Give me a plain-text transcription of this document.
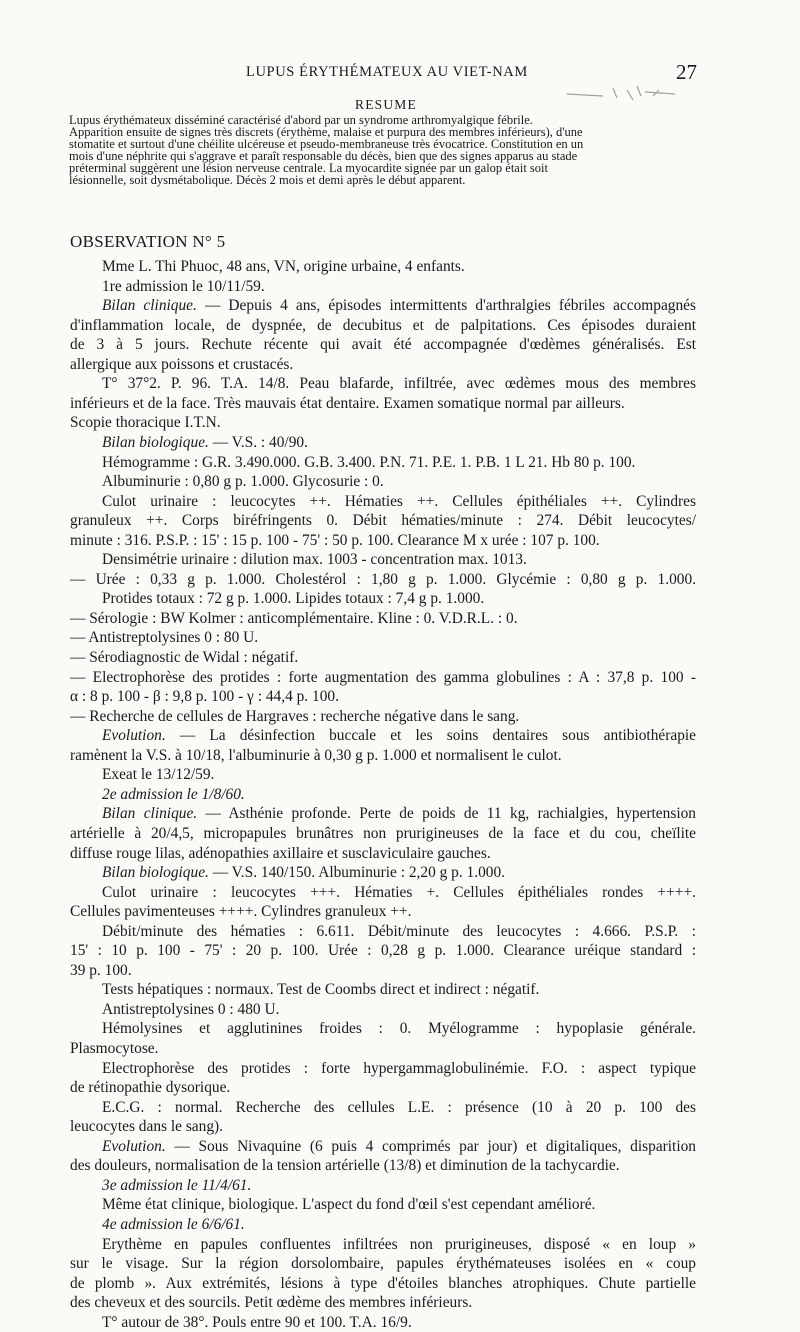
LUPUS ÉRYTHÉMATEUX AU VIET-NAM	27
RESUME
Lupus érythémateux disséminé caractérisé d'abord par un syndrome arthromyalgique fébrile.
Apparition ensuite de signes très discrets (érythème, malaise et purpura des membres inférieurs), d'une
stomatite et surtout d'une chéilite ulcéreuse et pseudo-membraneuse très évocatrice. Constitution en un
mois d'une néphrite qui s'aggrave et paraît responsable du décès, bien que des signes apparus au stade
préterminal suggèrent une lésion nerveuse centrale. La myocardite signée par un galop était soit
lésionnelle, soit dysmétabolique. Décès 2 mois et demi après le début apparent.
OBSERVATION N° 5
Mme L. Thi Phuoc, 48 ans, VN, origine urbaine, 4 enfants.
1re admission le 10/11/59.
Bilan clinique. — Depuis 4 ans, épisodes intermittents d'arthralgies fébriles accompagnés
d'inflammation locale, de dyspnée, de decubitus et de palpitations. Ces épisodes duraient
de 3 à 5 jours. Rechute récente qui avait été accompagnée d'œdèmes généralisés. Est
allergique aux poissons et crustacés.
T° 37°2. P. 96. T.A. 14/8. Peau blafarde, infiltrée, avec œdèmes mous des membres
inférieurs et de la face. Très mauvais état dentaire. Examen somatique normal par ailleurs.
Scopie thoracique I.T.N.
Bilan biologique. — V.S. : 40/90.
Hémogramme : G.R. 3.490.000. G.B. 3.400. P.N. 71. P.E. 1. P.B. 1 L 21. Hb 80 p. 100.
Albuminurie : 0,80 g p. 1.000. Glycosurie : 0.
Culot urinaire : leucocytes ++. Hématies ++. Cellules épithéliales ++. Cylindres
granuleux ++. Corps biréfringents 0. Débit hématies/minute : 274. Débit leucocytes/
minute : 316. P.S.P. : 15' : 15 p. 100 - 75' : 50 p. 100. Clearance M x urée : 107 p. 100.
Densimétrie urinaire : dilution max. 1003 - concentration max. 1013.
— Urée : 0,33 g p. 1.000. Cholestérol : 1,80 g p. 1.000. Glycémie : 0,80 g p. 1.000.
Protides totaux : 72 g p. 1.000. Lipides totaux : 7,4 g p. 1.000.
— Sérologie : BW Kolmer : anticomplémentaire. Kline : 0. V.D.R.L. : 0.
— Antistreptolysines 0 : 80 U.
— Sérodiagnostic de Widal : négatif.
— Electrophorèse des protides : forte augmentation des gamma globulines : A : 37,8 p. 100 -
α : 8 p. 100 - β : 9,8 p. 100 - γ : 44,4 p. 100.
— Recherche de cellules de Hargraves : recherche négative dans le sang.
Evolution. — La désinfection buccale et les soins dentaires sous antibiothérapie
ramènent la V.S. à 10/18, l'albuminurie à 0,30 g p. 1.000 et normalisent le culot.
Exeat le 13/12/59.
2e admission le 1/8/60.
Bilan clinique. — Asthénie profonde. Perte de poids de 11 kg, rachialgies, hypertension
artérielle à 20/4,5, micropapules brunâtres non prurigineuses de la face et du cou, cheïlite
diffuse rouge lilas, adénopathies axillaire et susclaviculaire gauches.
Bilan biologique. — V.S. 140/150. Albuminurie : 2,20 g p. 1.000.
Culot urinaire : leucocytes +++. Hématies +. Cellules épithéliales rondes ++++.
Cellules pavimenteuses ++++. Cylindres granuleux ++.
Débit/minute des hématies : 6.611. Débit/minute des leucocytes : 4.666. P.S.P. :
15' : 10 p. 100 - 75' : 20 p. 100. Urée : 0,28 g p. 1.000. Clearance uréique standard :
39 p. 100.
Tests hépatiques : normaux. Test de Coombs direct et indirect : négatif.
Antistreptolysines 0 : 480 U.
Hémolysines et agglutinines froides : 0. Myélogramme : hypoplasie générale.
Plasmocytose.
Electrophorèse des protides : forte hypergammaglobulinémie. F.O. : aspect typique
de rétinopathie dysorique.
E.C.G. : normal. Recherche des cellules L.E. : présence (10 à 20 p. 100 des
leucocytes dans le sang).
Evolution. — Sous Nivaquine (6 puis 4 comprimés par jour) et digitaliques, disparition
des douleurs, normalisation de la tension artérielle (13/8) et diminution de la tachycardie.
3e admission le 11/4/61.
Même état clinique, biologique. L'aspect du fond d'œil s'est cependant amélioré.
4e admission le 6/6/61.
Erythème en papules confluentes infiltrées non prurigineuses, disposé « en loup »
sur le visage. Sur la région dorsolombaire, papules érythémateuses isolées en « coup
de plomb ». Aux extrémités, lésions à type d'étoiles blanches atrophiques. Chute partielle
des cheveux et des sourcils. Petit œdème des membres inférieurs.
T° autour de 38°. Pouls entre 90 et 100. T.A. 16/9.
